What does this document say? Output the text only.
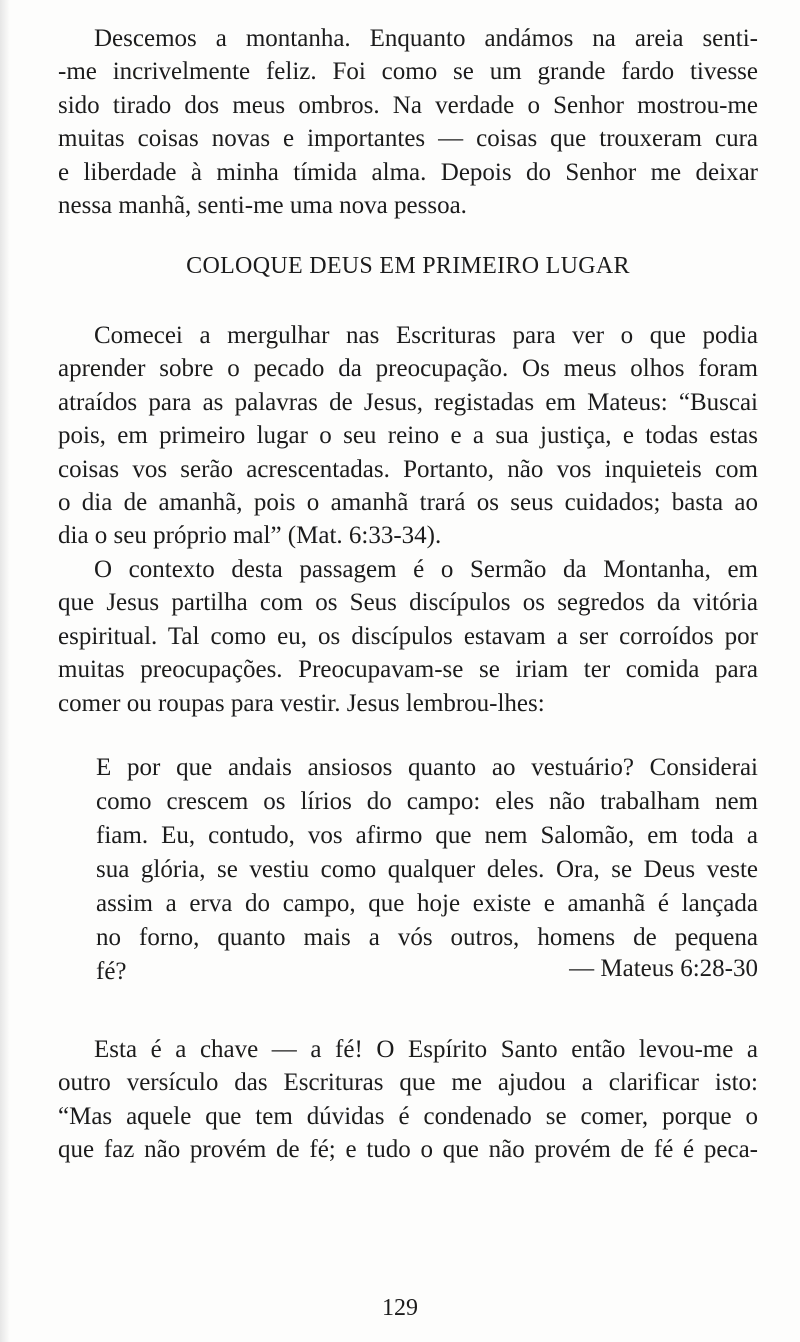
Descemos a montanha. Enquanto andámos na areia senti-
-me incrivelmente feliz. Foi como se um grande fardo tivesse
sido tirado dos meus ombros. Na verdade o Senhor mostrou-me
muitas coisas novas e importantes — coisas que trouxeram cura
e liberdade à minha tímida alma. Depois do Senhor me deixar
nessa manhã, senti-me uma nova pessoa.

COLOQUE DEUS EM PRIMEIRO LUGAR

Comecei a mergulhar nas Escrituras para ver o que podia
aprender sobre o pecado da preocupação. Os meus olhos foram
atraídos para as palavras de Jesus, registadas em Mateus: “Buscai
pois, em primeiro lugar o seu reino e a sua justiça, e todas estas
coisas vos serão acrescentadas. Portanto, não vos inquieteis com
o dia de amanhã, pois o amanhã trará os seus cuidados; basta ao
dia o seu próprio mal” (Mat. 6:33-34).

O contexto desta passagem é o Sermão da Montanha, em
que Jesus partilha com os Seus discípulos os segredos da vitória
espiritual. Tal como eu, os discípulos estavam a ser corroídos por
muitas preocupações. Preocupavam-se se iriam ter comida para
comer ou roupas para vestir. Jesus lembrou-lhes:

E por que andais ansiosos quanto ao vestuário? Considerai
como crescem os lírios do campo: eles não trabalham nem
fiam. Eu, contudo, vos afirmo que nem Salomão, em toda a
sua glória, se vestiu como qualquer deles. Ora, se Deus veste
assim a erva do campo, que hoje existe e amanhã é lançada
no forno, quanto mais a vós outros, homens de pequena
fé?	— Mateus 6:28-30

Esta é a chave — a fé! O Espírito Santo então levou-me a
outro versículo das Escrituras que me ajudou a clarificar isto:
“Mas aquele que tem dúvidas é condenado se comer, porque o
que faz não provém de fé; e tudo o que não provém de fé é peca-

129
